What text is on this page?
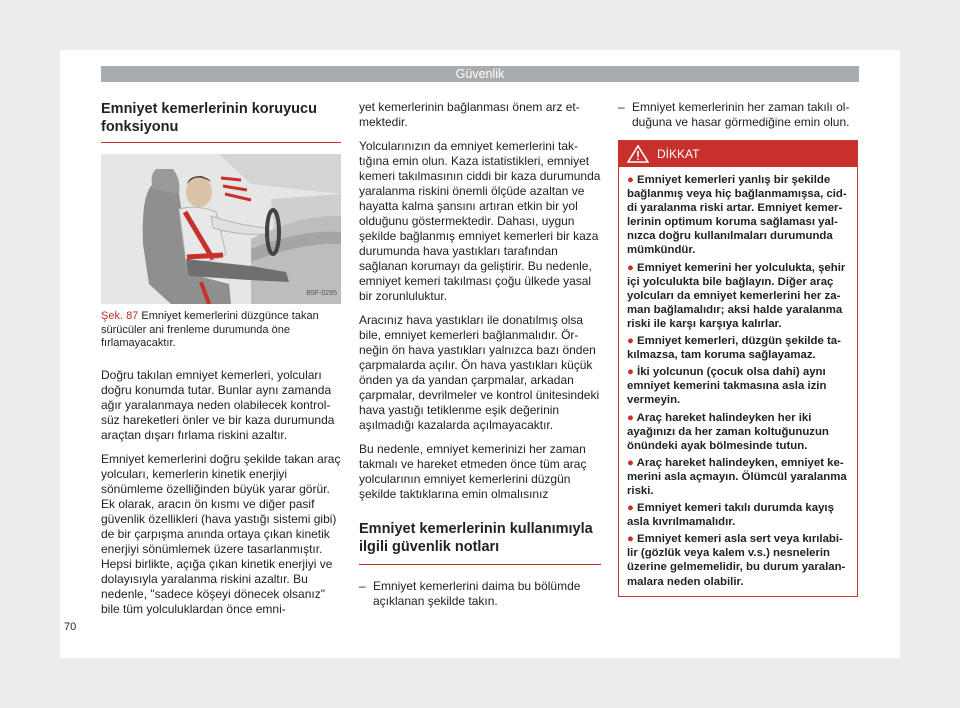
Güvenlik
Emniyet kemerlerinin koruyucu fonksiyonu
B5F-0295
Şek. 87 Emniyet kemerlerini düzgünce takan sürücüler ani frenleme durumunda öne fırlamayacaktır.

Doğru takılan emniyet kemerleri, yolcuları doğru konumda tutar. Bunlar aynı zamanda ağır yaralanmaya neden olabilecek kontrolsüz hareketleri önler ve bir kaza durumunda araçtan dışarı fırlama riskini azaltır.

Emniyet kemerlerini doğru şekilde takan araç yolcuları, kemerlerin kinetik enerjiyi sönümleme özelliğinden büyük yarar görür. Ek olarak, aracın ön kısmı ve diğer pasif güvenlik özellikleri (hava yastığı sistemi gibi) de bir çarpışma anında ortaya çıkan kinetik enerjiyi sönümlemek üzere tasarlanmıştır. Hepsi birlikte, açığa çıkan kinetik enerjiyi ve dolayısıyla yaralanma riskini azaltır. Bu nedenle, "sadece köşeyi dönecek olsanız" bile tüm yolculuklardan önce emni-

yet kemerlerinin bağlanması önem arz etmektedir.

Yolcularınızın da emniyet kemerlerini taktığına emin olun. Kaza istatistikleri, emniyet kemeri takılmasının ciddi bir kaza durumunda yaralanma riskini önemli ölçüde azaltan ve hayatta kalma şansını artıran etkin bir yol olduğunu göstermektedir. Dahası, uygun şekilde bağlanmış emniyet kemerleri bir kaza durumunda hava yastıkları tarafından sağlanan korumayı da geliştirir. Bu nedenle, emniyet kemeri takılması çoğu ülkede yasal bir zorunluluktur.

Aracınız hava yastıkları ile donatılmış olsa bile, emniyet kemerleri bağlanmalıdır. Örneğin ön hava yastıkları yalnızca bazı önden çarpmalarda açılır. Ön hava yastıkları küçük önden ya da yandan çarpmalar, arkadan çarpmalar, devrilmeler ve kontrol ünitesindeki hava yastığı tetiklenme eşik değerinin aşılmadığı kazalarda açılmayacaktır.

Bu nedenle, emniyet kemerinizi her zaman takmalı ve hareket etmeden önce tüm araç yolcularının emniyet kemerlerini düzgün şekilde taktıklarına emin olmalısınız

Emniyet kemerlerinin kullanımıyla ilgili güvenlik notları
– Emniyet kemerlerini daima bu bölümde açıklanan şekilde takın.
– Emniyet kemerlerinin her zaman takılı olduğuna ve hasar görmediğine emin olun.
DİKKAT
● Emniyet kemerleri yanlış bir şekilde bağlanmış veya hiç bağlanmamışsa, ciddi yaralanma riski artar. Emniyet kemerlerinin optimum koruma sağlaması yalnızca doğru kullanılmaları durumunda mümkündür.
● Emniyet kemerini her yolculukta, şehir içi yolculukta bile bağlayın. Diğer araç yolcuları da emniyet kemerlerini her zaman bağlamalıdır; aksi halde yaralanma riski ile karşı karşıya kalırlar.
● Emniyet kemerleri, düzgün şekilde takılmazsa, tam koruma sağlayamaz.
● İki yolcunun (çocuk olsa dahi) aynı emniyet kemerini takmasına asla izin vermeyin.
● Araç hareket halindeyken her iki ayağınızı da her zaman koltuğunuzun önündeki ayak bölmesinde tutun.
● Araç hareket halindeyken, emniyet kemerini asla açmayın. Ölümcül yaralanma riski.
● Emniyet kemeri takılı durumda kayış asla kıvrılmamalıdır.
● Emniyet kemeri asla sert veya kırılabilir (gözlük veya kalem v.s.) nesnelerin üzerine gelmemelidir, bu durum yaralanmalara neden olabilir.
70
